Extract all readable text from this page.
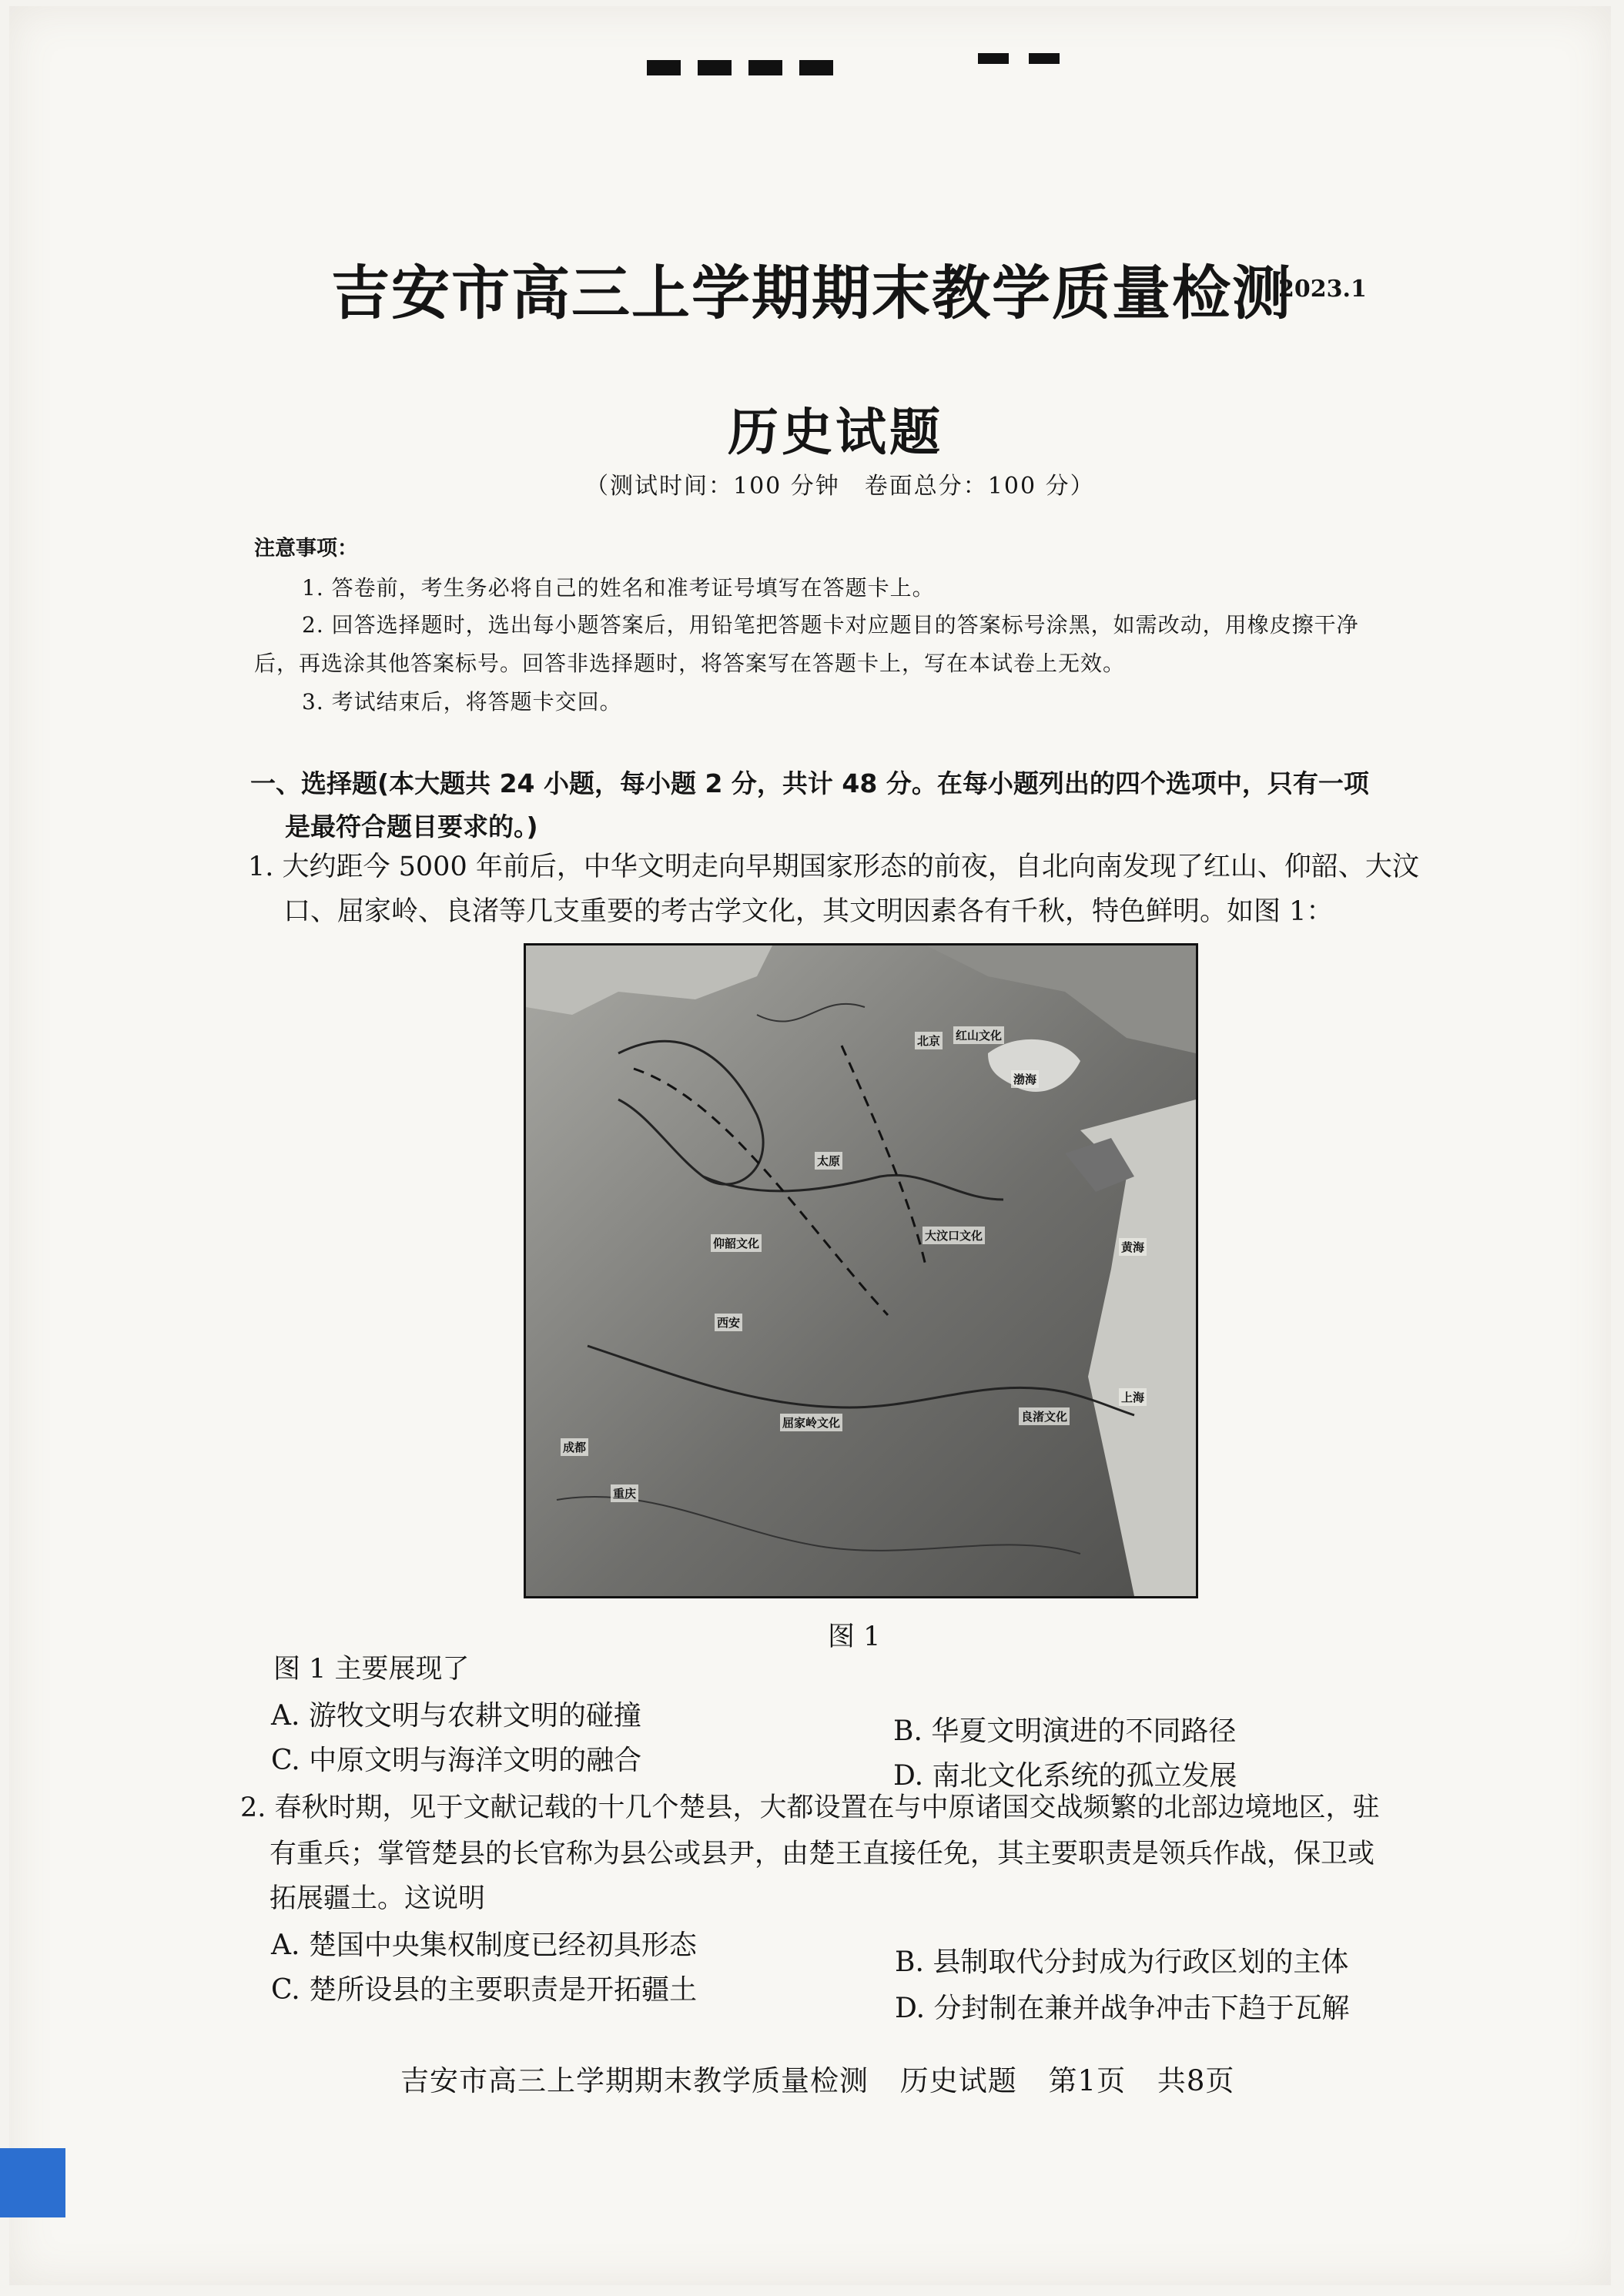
吉安市高三上学期期末教学质量检测
2023.1
历史试题
（测试时间：100 分钟　卷面总分：100 分）
注意事项：
1. 答卷前，考生务必将自己的姓名和准考证号填写在答题卡上。
2. 回答选择题时，选出每小题答案后，用铅笔把答题卡对应题目的答案标号涂黑，如需改动，用橡皮擦干净
后，再选涂其他答案标号。回答非选择题时，将答案写在答题卡上，写在本试卷上无效。
3. 考试结束后，将答题卡交回。
一、选择题(本大题共 24 小题，每小题 2 分，共计 48 分。在每小题列出的四个选项中，只有一项
是最符合题目要求的。)
1. 大约距今 5000 年前后，中华文明走向早期国家形态的前夜，自北向南发现了红山、仰韶、大汶
口、屈家岭、良渚等几支重要的考古学文化，其文明因素各有千秋，特色鲜明。如图 1：
红山文化
仰韶文化
大汶口文化
屈家岭文化	良渚文化
渤海
黄海
北京
太原
西安
成都
重庆
上海
图 1
图 1 主要展现了
A. 游牧文明与农耕文明的碰撞	B. 华夏文明演进的不同路径
C. 中原文明与海洋文明的融合	D. 南北文化系统的孤立发展
2. 春秋时期，见于文献记载的十几个楚县，大都设置在与中原诸国交战频繁的北部边境地区，驻
有重兵；掌管楚县的长官称为县公或县尹，由楚王直接任免，其主要职责是领兵作战，保卫或
拓展疆土。这说明
A. 楚国中央集权制度已经初具形态
B. 县制取代分封成为行政区划的主体
C. 楚所设县的主要职责是开拓疆土
D. 分封制在兼并战争冲击下趋于瓦解
吉安市高三上学期期末教学质量检测 历史试题 第1页 共8页
